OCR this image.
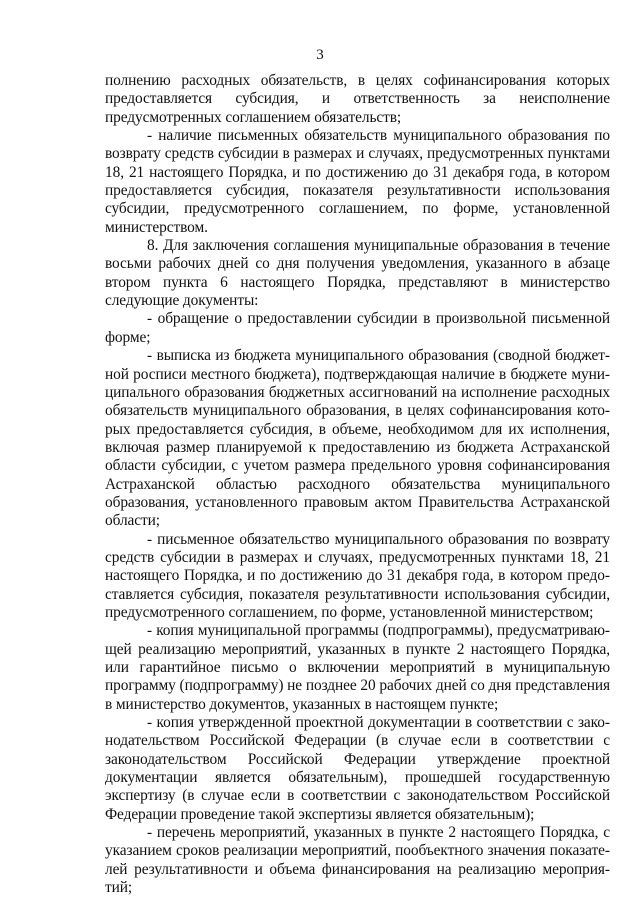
3

полнению расходных обязательств, в целях софинансирования которых предоставляется субсидия, и ответственность за неисполнение предусмотренных соглашением обязательств;

- наличие письменных обязательств муниципального образования по возврату средств субсидии в размерах и случаях, предусмотренных пунктами 18, 21 настоящего Порядка, и по достижению до 31 декабря года, в котором предоставляется субсидия, показателя результативности использования субсидии, предусмотренного соглашением, по форме, установленной министерством.

8. Для заключения соглашения муниципальные образования в течение восьми рабочих дней со дня получения уведомления, указанного в абзаце втором пункта 6 настоящего Порядка, представляют в министерство следующие документы:

- обращение о предоставлении субсидии в произвольной письменной форме;

- выписка из бюджета муниципального образования (сводной бюджетной росписи местного бюджета), подтверждающая наличие в бюджете муниципального образования бюджетных ассигнований на исполнение расходных обязательств муниципального образования, в целях софинансирования которых предоставляется субсидия, в объеме, необходимом для их исполнения, включая размер планируемой к предоставлению из бюджета Астраханской области субсидии, с учетом размера предельного уровня софинансирования Астраханской областью расходного обязательства муниципального образования, установленного правовым актом Правительства Астраханской области;

- письменное обязательство муниципального образования по возврату средств субсидии в размерах и случаях, предусмотренных пунктами 18, 21 настоящего Порядка, и по достижению до 31 декабря года, в котором предоставляется субсидия, показателя результативности использования субсидии, предусмотренного соглашением, по форме, установленной министерством;

- копия муниципальной программы (подпрограммы), предусматривающей реализацию мероприятий, указанных в пункте 2 настоящего Порядка, или гарантийное письмо о включении мероприятий в муниципальную программу (подпрограмму) не позднее 20 рабочих дней со дня представления в министерство документов, указанных в настоящем пункте;

- копия утвержденной проектной документации в соответствии с законодательством Российской Федерации (в случае если в соответствии с законодательством Российской Федерации утверждение проектной документации является обязательным), прошедшей государственную экспертизу (в случае если в соответствии с законодательством Российской Федерации проведение такой экспертизы является обязательным);

- перечень мероприятий, указанных в пункте 2 настоящего Порядка, с указанием сроков реализации мероприятий, пообъектного значения показателей результативности и объема финансирования на реализацию мероприятий;
